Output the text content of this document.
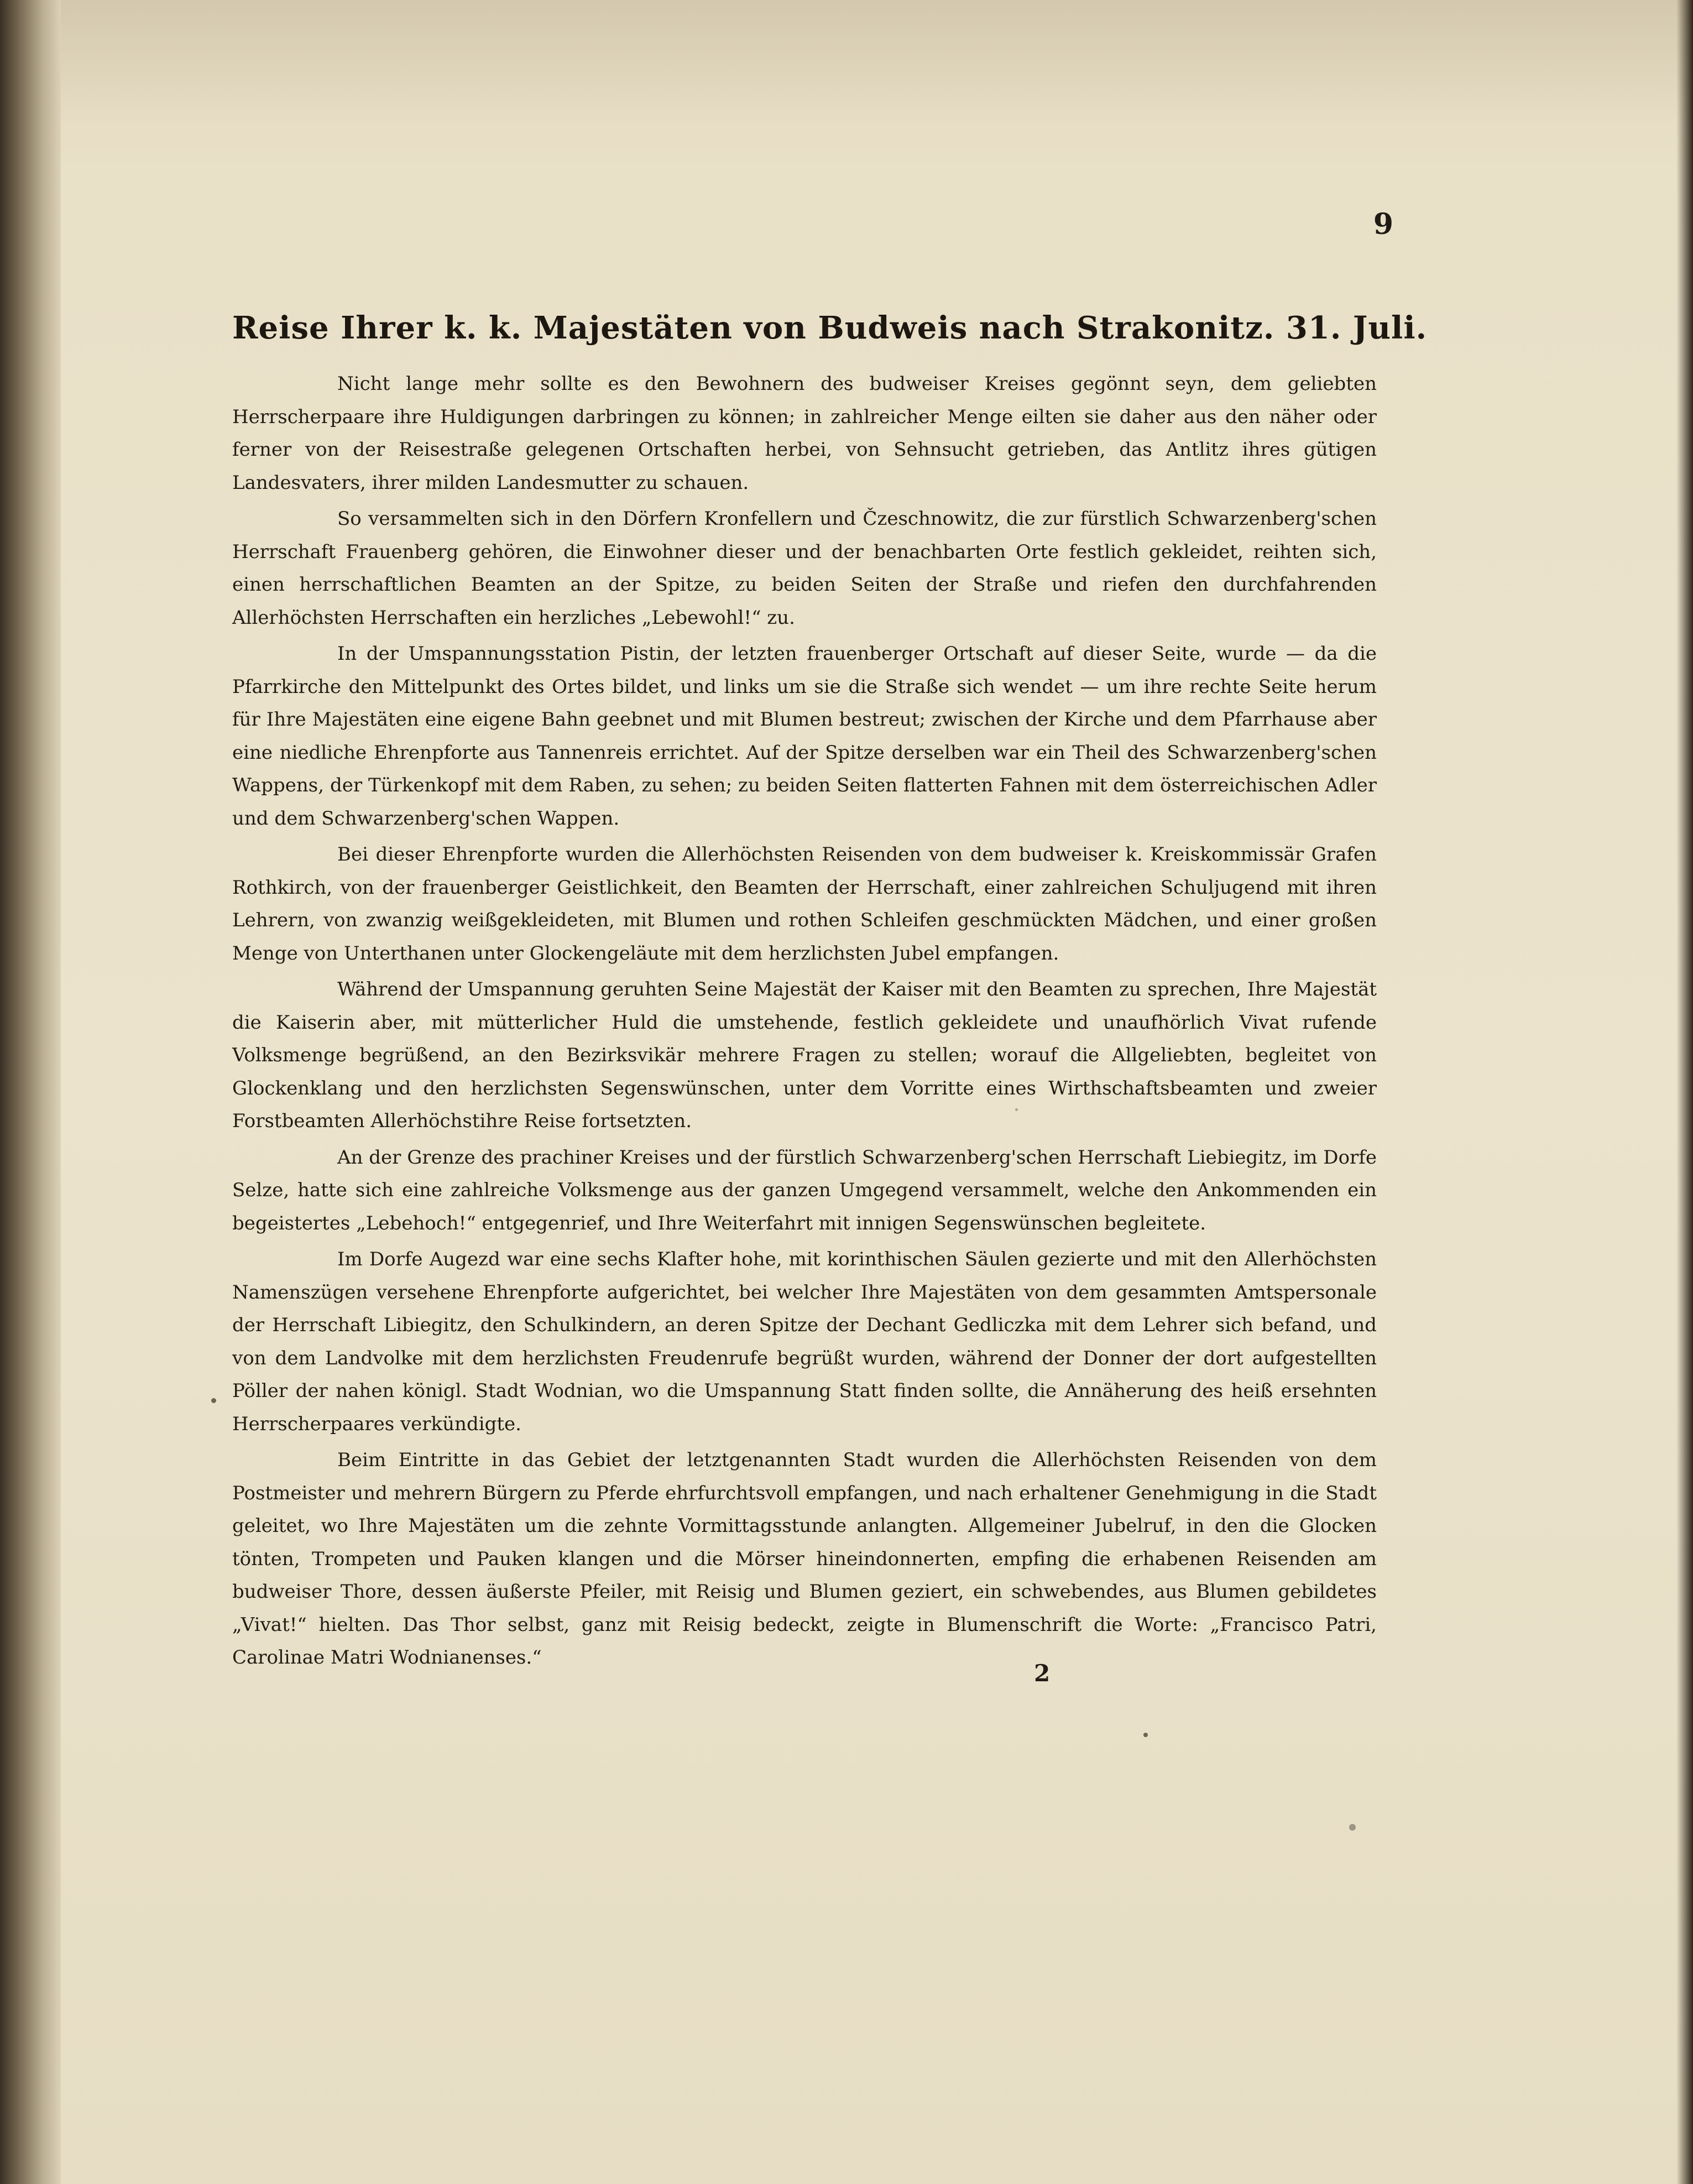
9
Reise Ihrer k. k. Majestäten von Budweis nach Strakonitz. 31. Juli.

Nicht lange mehr sollte es den Bewohnern des budweiser Kreises gegönnt seyn, dem geliebten Herrscherpaare ihre Huldigungen darbringen zu können; in zahlreicher Menge eilten sie daher aus den näher oder ferner von der Reisestraße gelegenen Ortschaften herbei, von Sehnsucht getrieben, das Antlitz ihres gütigen Landesvaters, ihrer milden Landesmutter zu schauen.

So versammelten sich in den Dörfern Kronfellern und Čzeschnowitz, die zur fürstlich Schwarzenberg'schen Herrschaft Frauenberg gehören, die Einwohner dieser und der benachbarten Orte festlich gekleidet, reihten sich, einen herrschaftlichen Beamten an der Spitze, zu beiden Seiten der Straße und riefen den durchfahrenden Allerhöchsten Herrschaften ein herzliches „Lebewohl!“ zu.

In der Umspannungsstation Pistin, der letzten frauenberger Ortschaft auf dieser Seite, wurde — da die Pfarrkirche den Mittelpunkt des Ortes bildet, und links um sie die Straße sich wendet — um ihre rechte Seite herum für Ihre Majestäten eine eigene Bahn geebnet und mit Blumen bestreut; zwischen der Kirche und dem Pfarrhause aber eine niedliche Ehrenpforte aus Tannenreis errichtet. Auf der Spitze derselben war ein Theil des Schwarzenberg'schen Wappens, der Türkenkopf mit dem Raben, zu sehen; zu beiden Seiten flatterten Fahnen mit dem österreichischen Adler und dem Schwarzenberg'schen Wappen.

Bei dieser Ehrenpforte wurden die Allerhöchsten Reisenden von dem budweiser k. Kreiskommissär Grafen Rothkirch, von der frauenberger Geistlichkeit, den Beamten der Herrschaft, einer zahlreichen Schuljugend mit ihren Lehrern, von zwanzig weißgekleideten, mit Blumen und rothen Schleifen geschmückten Mädchen, und einer großen Menge von Unterthanen unter Glockengeläute mit dem herzlichsten Jubel empfangen.

Während der Umspannung geruhten Seine Majestät der Kaiser mit den Beamten zu sprechen, Ihre Majestät die Kaiserin aber, mit mütterlicher Huld die umstehende, festlich gekleidete und unaufhörlich Vivat rufende Volksmenge begrüßend, an den Bezirksvikär mehrere Fragen zu stellen; worauf die Allgeliebten, begleitet von Glockenklang und den herzlichsten Segenswünschen, unter dem Vorritte eines Wirthschaftsbeamten und zweier Forstbeamten Allerhöchstihre Reise fortsetzten.

An der Grenze des prachiner Kreises und der fürstlich Schwarzenberg'schen Herrschaft Liebiegitz, im Dorfe Selze, hatte sich eine zahlreiche Volksmenge aus der ganzen Umgegend versammelt, welche den Ankommenden ein begeistertes „Lebehoch!“ entgegenrief, und Ihre Weiterfahrt mit innigen Segenswünschen begleitete.

Im Dorfe Augezd war eine sechs Klafter hohe, mit korinthischen Säulen gezierte und mit den Allerhöchsten Namenszügen versehene Ehrenpforte aufgerichtet, bei welcher Ihre Majestäten von dem gesammten Amtspersonale der Herrschaft Libiegitz, den Schulkindern, an deren Spitze der Dechant Gedliczka mit dem Lehrer sich befand, und von dem Landvolke mit dem herzlichsten Freudenrufe begrüßt wurden, während der Donner der dort aufgestellten Pöller der nahen königl. Stadt Wodnian, wo die Umspannung Statt finden sollte, die Annäherung des heiß ersehnten Herrscherpaares verkündigte.

Beim Eintritte in das Gebiet der letztgenannten Stadt wurden die Allerhöchsten Reisenden von dem Postmeister und mehrern Bürgern zu Pferde ehrfurchtsvoll empfangen, und nach erhaltener Genehmigung in die Stadt geleitet, wo Ihre Majestäten um die zehnte Vormittagsstunde anlangten. Allgemeiner Jubelruf, in den die Glocken tönten, Trompeten und Pauken klangen und die Mörser hineindonnerten, empfing die erhabenen Reisenden am budweiser Thore, dessen äußerste Pfeiler, mit Reisig und Blumen geziert, ein schwebendes, aus Blumen gebildetes „Vivat!“ hielten. Das Thor selbst, ganz mit Reisig bedeckt, zeigte in Blumenschrift die Worte: „Francisco Patri, Carolinae Matri Wodnianenses.“

2
